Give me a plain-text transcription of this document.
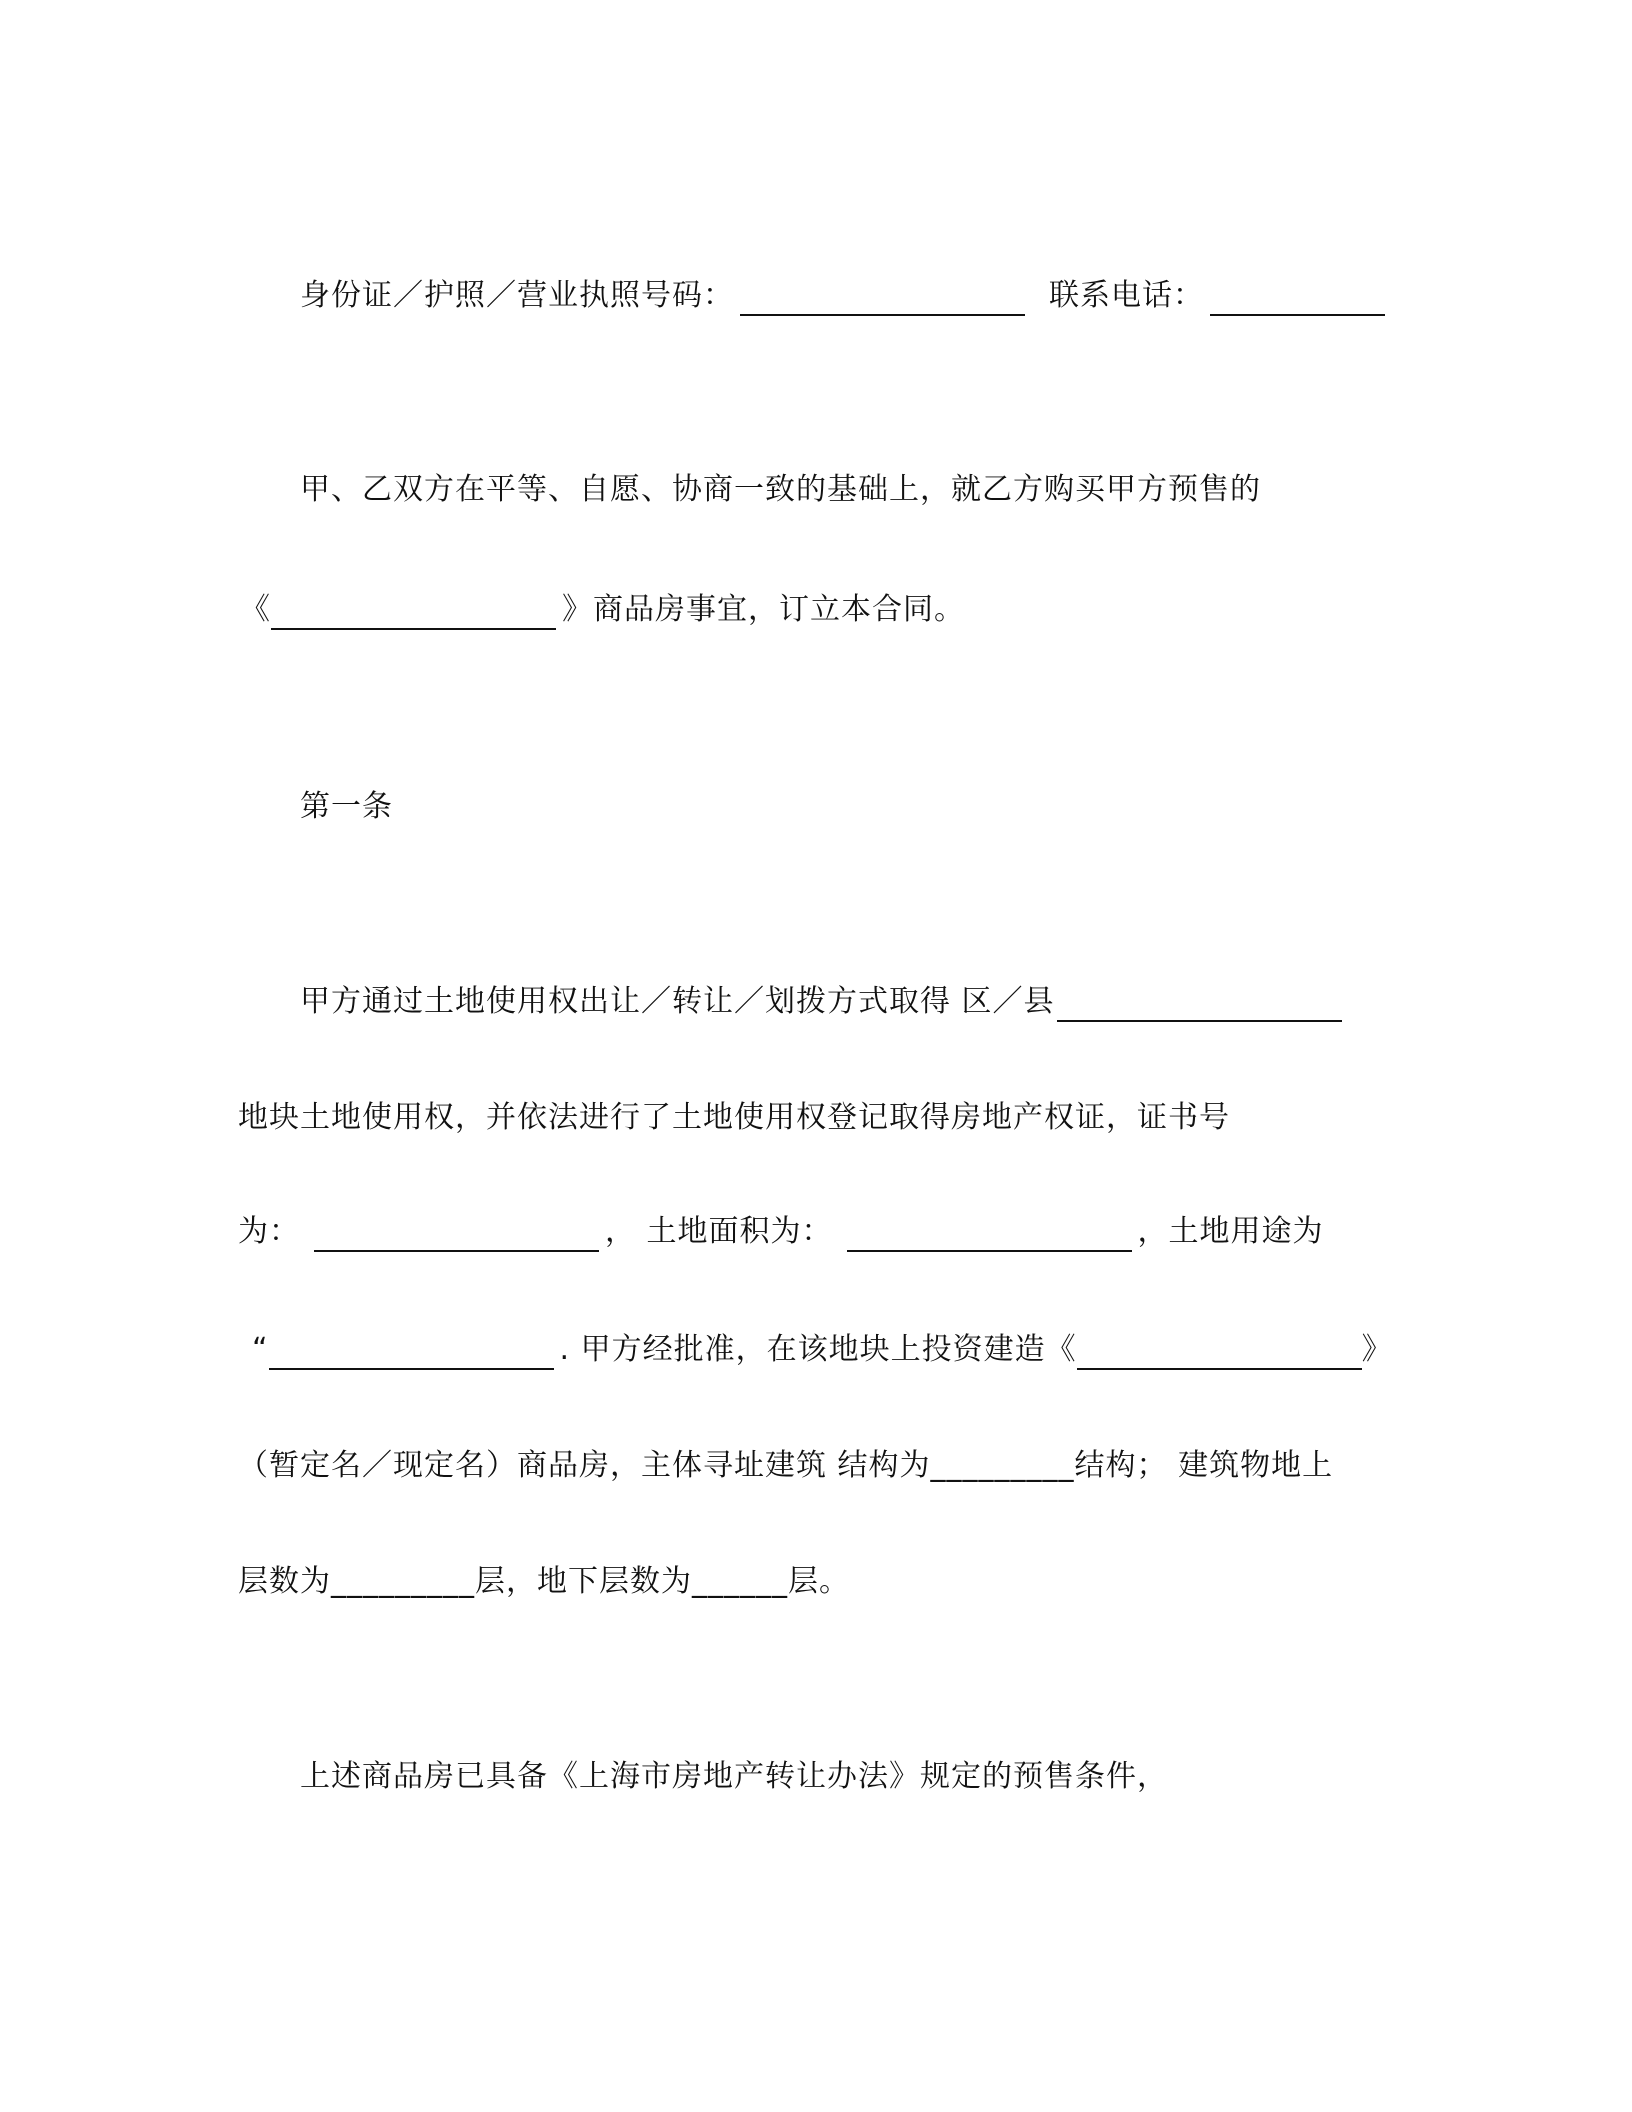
身份证／护照／营业执照号码：	联系电话：
甲、乙双方在平等、自愿、协商一致的基础上，就乙方购买甲方预售的
《	》商品房事宜，订立本合同。
第一条
甲方通过土地使用权出让／转让／划拨方式取得 区／县
地块土地使用权，并依法进行了土地使用权登记取得房地产权证，证书号
为：	， 土地面积为：	，土地用途为
“	. 甲方经批准，在该地块上投资建造《	》
（暂定名／现定名）商品房，主体寻址建筑 结构为_________结构； 建筑物地上
层数为_________层，地下层数为______层。
上述商品房已具备《上海市房地产转让办法》规定的预售条件，
